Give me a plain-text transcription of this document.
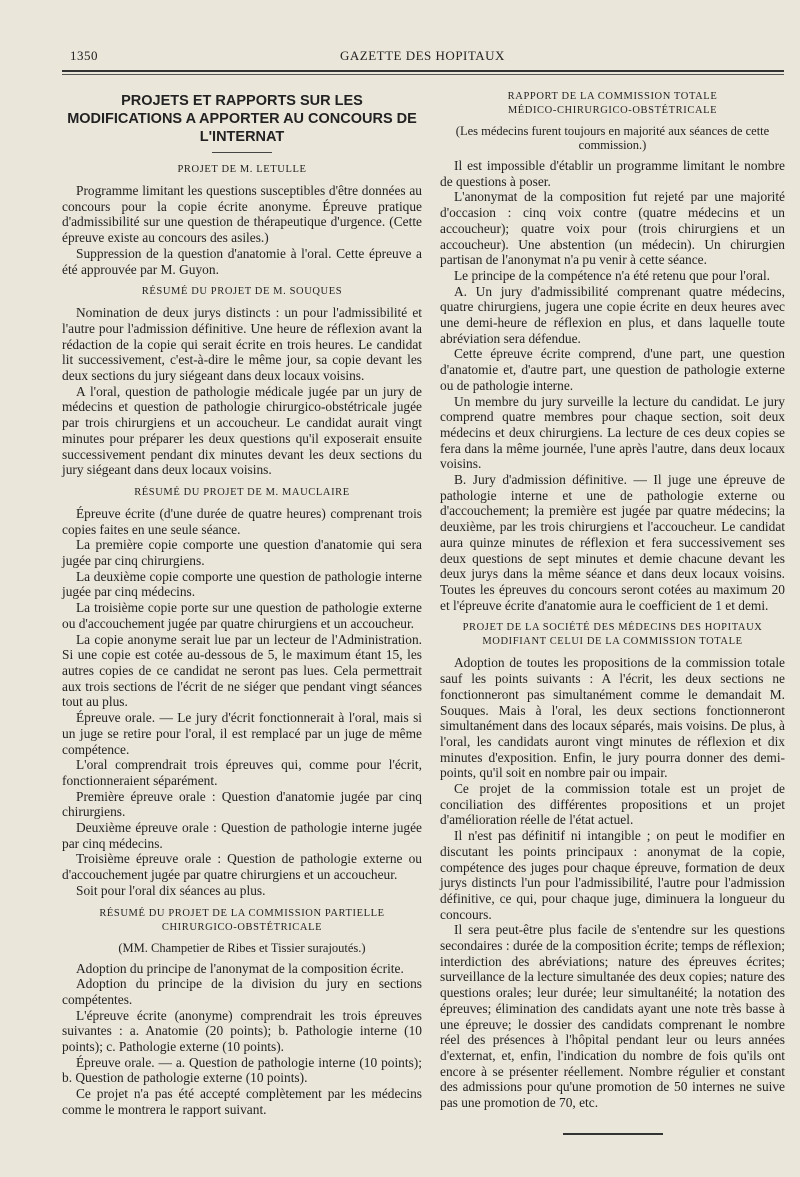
1350	GAZETTE DES HOPITAUX
PROJETS ET RAPPORTS SUR LES MODIFICATIONS A APPORTER AU CONCOURS DE L'INTERNAT
PROJET DE M. LETULLE

Programme limitant les questions susceptibles d'être données au concours pour la copie écrite anonyme. Épreuve pratique d'admissibilité sur une question de thérapeutique d'urgence. (Cette épreuve existe au concours des asiles.)

Suppression de la question d'anatomie à l'oral. Cette épreuve a été approuvée par M. Guyon.

RÉSUMÉ DU PROJET DE M. SOUQUES

Nomination de deux jurys distincts : un pour l'admissibilité et l'autre pour l'admission définitive. Une heure de réflexion avant la rédaction de la copie qui serait écrite en trois heures. Le candidat lit successivement, c'est-à-dire le même jour, sa copie devant les deux sections du jury siégeant dans deux locaux voisins.

A l'oral, question de pathologie médicale jugée par un jury de médecins et question de pathologie chirurgico-obstétricale jugée par trois chirurgiens et un accoucheur. Le candidat aurait vingt minutes pour préparer les deux questions qu'il exposerait ensuite successivement pendant dix minutes devant les deux sections du jury siégeant dans deux locaux voisins.

RÉSUMÉ DU PROJET DE M. MAUCLAIRE

Épreuve écrite (d'une durée de quatre heures) comprenant trois copies faites en une seule séance.

La première copie comporte une question d'anatomie qui sera jugée par cinq chirurgiens.

La deuxième copie comporte une question de pathologie interne jugée par cinq médecins.

La troisième copie porte sur une question de pathologie externe ou d'accouchement jugée par quatre chirurgiens et un accoucheur.

La copie anonyme serait lue par un lecteur de l'Administration. Si une copie est cotée au-dessous de 5, le maximum étant 15, les autres copies de ce candidat ne seront pas lues. Cela permettrait aux trois sections de l'écrit de ne siéger que pendant vingt séances tout au plus.

Épreuve orale. — Le jury d'écrit fonctionnerait à l'oral, mais si un juge se retire pour l'oral, il est remplacé par un juge de même compétence.

L'oral comprendrait trois épreuves qui, comme pour l'écrit, fonctionneraient séparément.

Première épreuve orale : Question d'anatomie jugée par cinq chirurgiens.

Deuxième épreuve orale : Question de pathologie interne jugée par cinq médecins.

Troisième épreuve orale : Question de pathologie externe ou d'accouchement jugée par quatre chirurgiens et un accoucheur.

Soit pour l'oral dix séances au plus.

RÉSUMÉ DU PROJET DE LA COMMISSION PARTIELLE
CHIRURGICO-OBSTÉTRICALE
(MM. Champetier de Ribes et Tissier surajoutés.)

Adoption du principe de l'anonymat de la composition écrite.

Adoption du principe de la division du jury en sections compétentes.

L'épreuve écrite (anonyme) comprendrait les trois épreuves suivantes : a. Anatomie (20 points); b. Pathologie interne (10 points); c. Pathologie externe (10 points).

Épreuve orale. — a. Question de pathologie interne (10 points); b. Question de pathologie externe (10 points).

Ce projet n'a pas été accepté complètement par les médecins comme le montrera le rapport suivant.

RAPPORT DE LA COMMISSION TOTALE
MÉDICO-CHIRURGICO-OBSTÉTRICALE
(Les médecins furent toujours en majorité aux séances de cette commission.)

Il est impossible d'établir un programme limitant le nombre de questions à poser.

L'anonymat de la composition fut rejeté par une majorité d'occasion : cinq voix contre (quatre médecins et un accoucheur); quatre voix pour (trois chirurgiens et un accoucheur). Une abstention (un médecin). Un chirurgien partisan de l'anonymat n'a pu venir à cette séance.

Le principe de la compétence n'a été retenu que pour l'oral.

A. Un jury d'admissibilité comprenant quatre médecins, quatre chirurgiens, jugera une copie écrite en deux heures avec une demi-heure de réflexion en plus, et dans laquelle toute abréviation sera défendue.

Cette épreuve écrite comprend, d'une part, une question d'anatomie et, d'autre part, une question de pathologie externe ou de pathologie interne.

Un membre du jury surveille la lecture du candidat. Le jury comprend quatre membres pour chaque section, soit deux médecins et deux chirurgiens. La lecture de ces deux copies se fera dans la même journée, l'une après l'autre, dans deux locaux voisins.

B. Jury d'admission définitive. — Il juge une épreuve de pathologie interne et une de pathologie externe ou d'accouchement; la première est jugée par quatre médecins; la deuxième, par les trois chirurgiens et l'accoucheur. Le candidat aura quinze minutes de réflexion et fera successivement ses deux questions de sept minutes et demie chacune devant les deux jurys dans la même séance et dans deux locaux voisins. Toutes les épreuves du concours seront cotées au maximum 20 et l'épreuve écrite d'anatomie aura le coefficient de 1 et demi.

PROJET DE LA SOCIÉTÉ DES MÉDECINS DES HOPITAUX
MODIFIANT CELUI DE LA COMMISSION TOTALE

Adoption de toutes les propositions de la commission totale sauf les points suivants : A l'écrit, les deux sections ne fonctionneront pas simultanément comme le demandait M. Souques. Mais à l'oral, les deux sections fonctionneront simultanément dans des locaux séparés, mais voisins. De plus, à l'oral, les candidats auront vingt minutes de réflexion et dix minutes d'exposition. Enfin, le jury pourra donner des demi-points, qu'il soit en nombre pair ou impair.

Ce projet de la commission totale est un projet de conciliation des différentes propositions et un projet d'amélioration réelle de l'état actuel.

Il n'est pas définitif ni intangible ; on peut le modifier en discutant les points principaux : anonymat de la copie, compétence des juges pour chaque épreuve, formation de deux jurys distincts l'un pour l'admissibilité, l'autre pour l'admission définitive, ce qui, pour chaque juge, diminuera la longueur du concours.

Il sera peut-être plus facile de s'entendre sur les questions secondaires : durée de la composition écrite; temps de réflexion; interdiction des abréviations; nature des épreuves écrites; surveillance de la lecture simultanée des deux copies; nature des questions orales; leur durée; leur simultanéité; la notation des épreuves; élimination des candidats ayant une note très basse à une épreuve; le dossier des candidats comprenant le nombre réel des présences à l'hôpital pendant leur ou leurs années d'externat, et, enfin, l'indication du nombre de fois qu'ils ont encore à se présenter réellement. Nombre régulier et constant des admissions pour qu'une promotion de 50 internes ne suive pas une promotion de 70, etc.
